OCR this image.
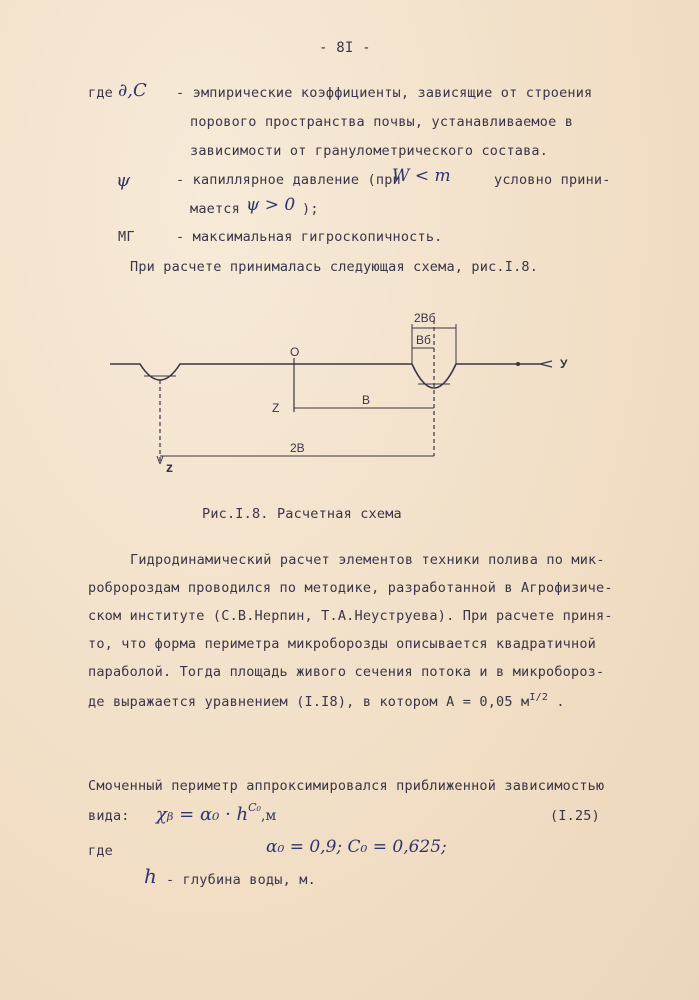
- 8I -
где ∂,C - эмпирические коэффициенты, зависящие от строения
порового пространства почвы, устанавливаемое в
зависимости от гранулометрического состава.
ψ	- капиллярное давление (при
W < m	условно прини-
мается ψ > 0 );
МГ	- максимальная гигроскопичность.
При расчете принималась следующая схема, рис.I.8.
2Вб
Вб
О
У
Z
В
2В
z
Рис.I.8. Расчетная схема
Гидродинамический расчет элементов техники полива по мик-
робророздам проводился по методике, разработанной в Агрофизиче-
ском институте (С.В.Нерпин, Т.А.Неуструева). При расчете приня-
то, что форма периметра микроборозды описывается квадратичной
параболой. Тогда площадь живого сечения потока и в микробороз-
де выражается уравнением (I.I8), в котором А = 0,05 $м^{I/2}$ .
Смоченный периметр аппроксимировался приближенной зависимостью
вида: χᵦ = $\alpha_0 \cdot h^{C_0},м$	(I.25)
где	α₀ = 0,9; C₀ = 0,625;
h - глубина воды, м.
